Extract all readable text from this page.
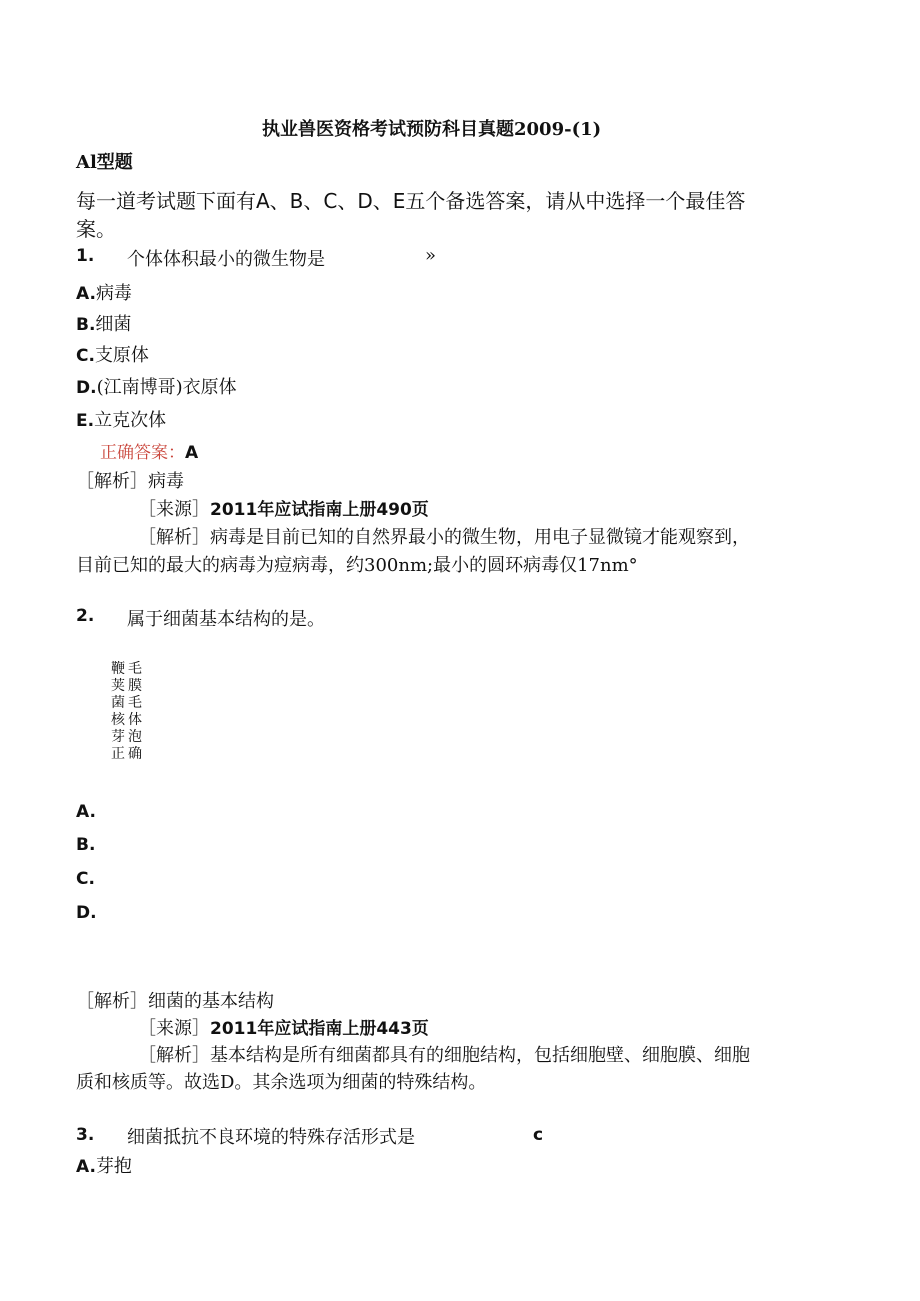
执业兽医资格考试预防科目真题2009-(1)
Al型题
每一道考试题下面有A、B、C、D、E五个备选答案，请从中选择一个最佳答
案。
1. 个体体积最小的微生物是	»
A.病毒
B.细菌
C.支原体
D.(江南博哥)衣原体
E.立克次体
正确答案：A
［解析］病毒
［来源］2011年应试指南上册490页
［解析］病毒是目前已知的自然界最小的微生物，用电子显微镜才能观察到，
目前已知的最大的病毒为痘病毒，约300nm;最小的圆环病毒仅17nm°
2. 属于细菌基本结构的是。
鞭毛
荚膜
菌毛
核体
芽泡
正确
A.
B.
C.
D.
［解析］细菌的基本结构
［来源］2011年应试指南上册443页
［解析］基本结构是所有细菌都具有的细胞结构，包括细胞壁、细胞膜、细胞
质和核质等。故选D。其余选项为细菌的特殊结构。
3. 细菌抵抗不良环境的特殊存活形式是	c
A.芽抱
